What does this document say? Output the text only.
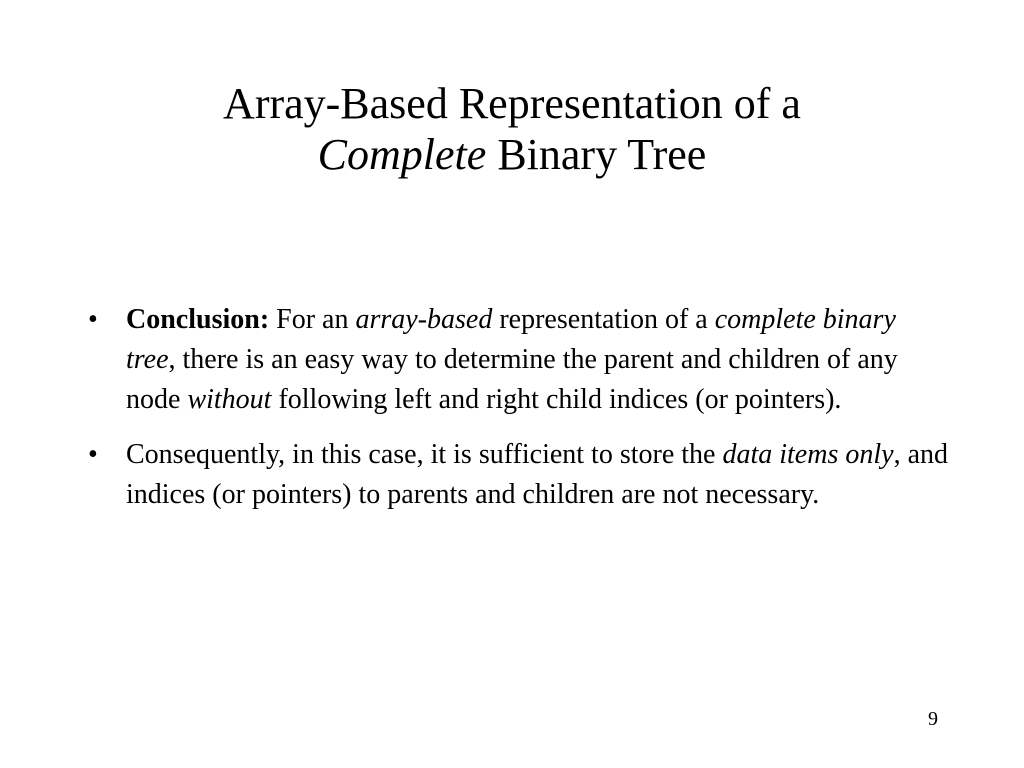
Array-Based Representation of a
Complete Binary Tree
• Conclusion: For an array-based representation of a complete binary tree, there is an easy way to determine the parent and children of any node without following left and right child indices (or pointers).
• Consequently, in this case, it is sufficient to store the data items only, and indices (or pointers) to parents and children are not necessary.
9
